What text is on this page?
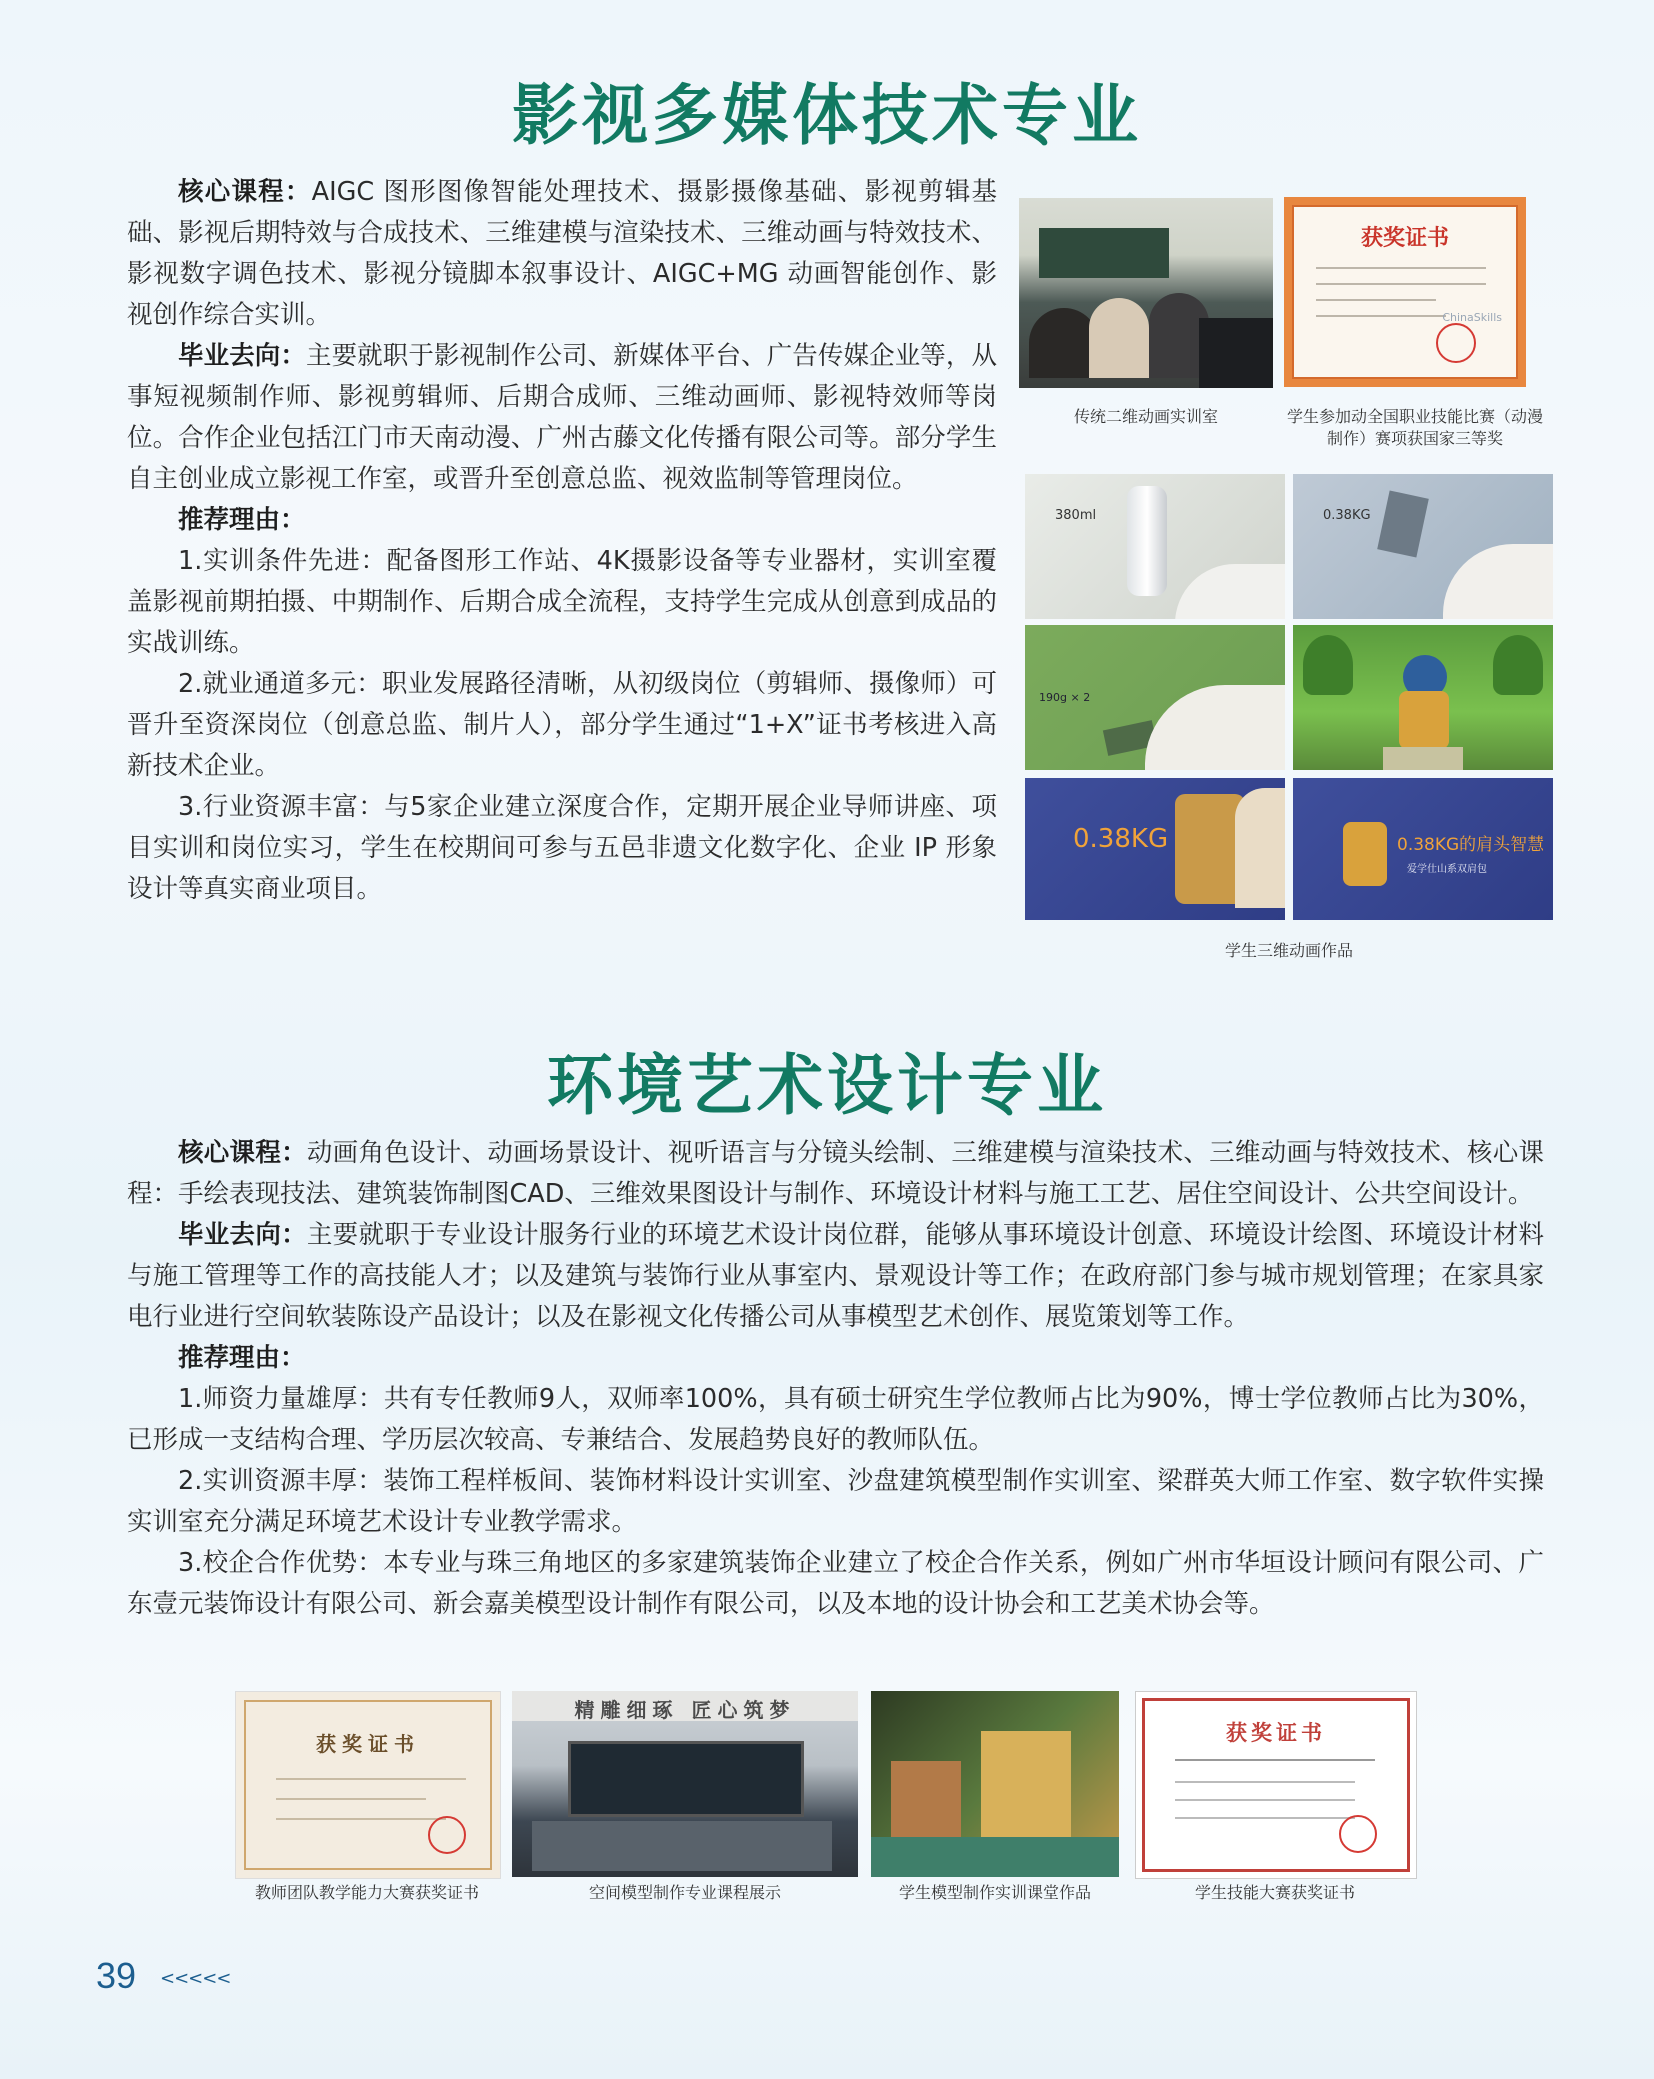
影视多媒体技术专业

核心课程：AIGC 图形图像智能处理技术、摄影摄像基础、影视剪辑基础、影视后期特效与合成技术、三维建模与渲染技术、三维动画与特效技术、影视数字调色技术、影视分镜脚本叙事设计、AIGC+MG 动画智能创作、影视创作综合实训。

毕业去向：主要就职于影视制作公司、新媒体平台、广告传媒企业等，从事短视频制作师、影视剪辑师、后期合成师、三维动画师、影视特效师等岗位。合作企业包括江门市天南动漫、广州古藤文化传播有限公司等。部分学生自主创业成立影视工作室，或晋升至创意总监、视效监制等管理岗位。

推荐理由：

1.实训条件先进：配备图形工作站、4K摄影设备等专业器材，实训室覆盖影视前期拍摄、中期制作、后期合成全流程，支持学生完成从创意到成品的实战训练。

2.就业通道多元：职业发展路径清晰，从初级岗位（剪辑师、摄像师）可晋升至资深岗位（创意总监、制片人），部分学生通过“1+X”证书考核进入高新技术企业。

3.行业资源丰富：与5家企业建立深度合作，定期开展企业导师讲座、项目实训和岗位实习，学生在校期间可参与五邑非遗文化数字化、企业 IP 形象设计等真实商业项目。

传统二维动画实训室
获奖证书
ChinaSkills
学生参加动全国职业技能比赛（动漫制作）赛项获国家三等奖
380ml	0.38KG
190g × 2
0.38KG	0.38KG的肩头智慧
爱学仕山系双肩包
学生三维动画作品
环境艺术设计专业

核心课程：动画角色设计、动画场景设计、视听语言与分镜头绘制、三维建模与渲染技术、三维动画与特效技术、核心课程：手绘表现技法、建筑装饰制图CAD、三维效果图设计与制作、环境设计材料与施工工艺、居住空间设计、公共空间设计。

毕业去向：主要就职于专业设计服务行业的环境艺术设计岗位群，能够从事环境设计创意、环境设计绘图、环境设计材料与施工管理等工作的高技能人才；以及建筑与装饰行业从事室内、景观设计等工作；在政府部门参与城市规划管理；在家具家电行业进行空间软装陈设产品设计；以及在影视文化传播公司从事模型艺术创作、展览策划等工作。

推荐理由：

1.师资力量雄厚：共有专任教师9人，双师率100%，具有硕士研究生学位教师占比为90%，博士学位教师占比为30%，已形成一支结构合理、学历层次较高、专兼结合、发展趋势良好的教师队伍。

2.实训资源丰厚：装饰工程样板间、装饰材料设计实训室、沙盘建筑模型制作实训室、梁群英大师工作室、数字软件实操实训室充分满足环境艺术设计专业教学需求。

3.校企合作优势：本专业与珠三角地区的多家建筑装饰企业建立了校企合作关系，例如广州市华垣设计顾问有限公司、广东壹元装饰设计有限公司、新会嘉美模型设计制作有限公司，以及本地的设计协会和工艺美术协会等。

获奖证书
教师团队教学能力大赛获奖证书
精雕细琢 匠心筑梦
空间模型制作专业课程展示	学生模型制作实训课堂作品
获奖证书
学生技能大赛获奖证书
39 <<<<<
